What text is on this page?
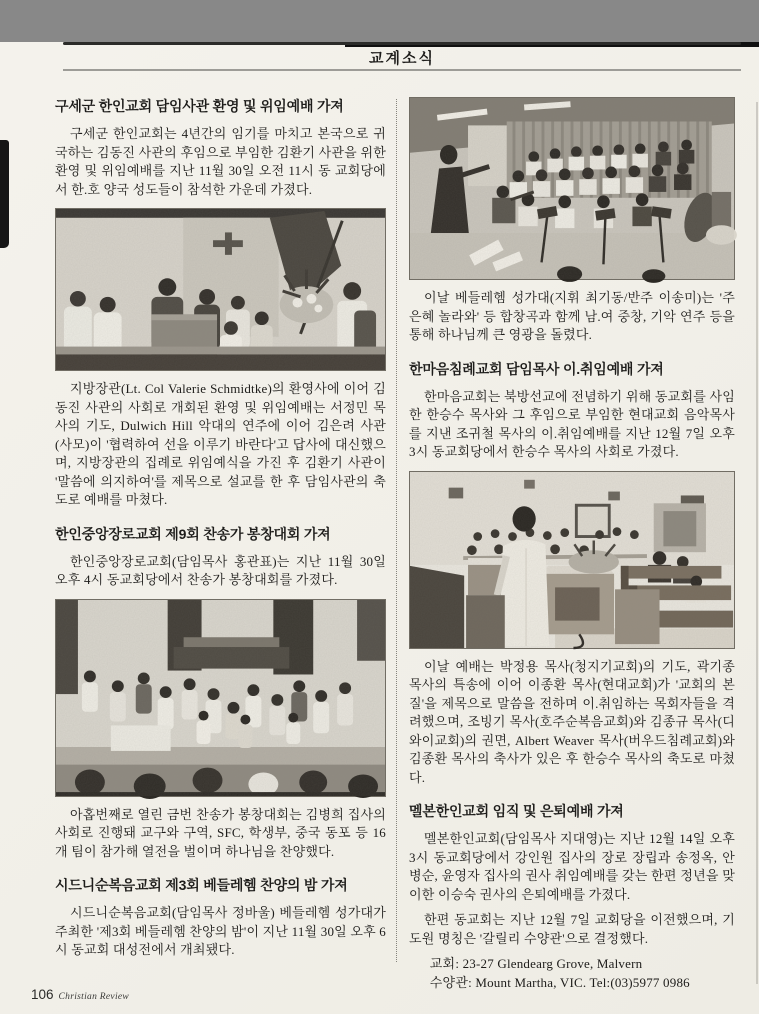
교계소식
구세군 한인교회 담임사관 환영 및 위임예배 가져

구세군 한인교회는 4년간의 임기를 마치고 본국으로 귀국하는 김동진 사관의 후임으로 부임한 김환기 사관을 위한 환영 및 위임예배를 지난 11월 30일 오전 11시 동 교회당에서 한.호 양국 성도들이 참석한 가운데 가졌다.

지방장관(Lt. Col Valerie Schmidtke)의 환영사에 이어 김동진 사관의 사회로 개회된 환영 및 위임예배는 서정민 목사의 기도, Dulwich Hill 악대의 연주에 이어 김은려 사관(사모)이 '협력하여 선을 이루기 바란다'고 답사에 대신했으며, 지방장관의 집례로 위임예식을 가진 후 김환기 사관이 '말씀에 의지하여'를 제목으로 설교를 한 후 담임사관의 축도로 예배를 마쳤다.

한인중앙장로교회 제9회 찬송가 봉창대회 가져

한인중앙장로교회(담임목사 홍관표)는 지난 11월 30일 오후 4시 동교회당에서 찬송가 봉창대회를 가졌다.

아홉번째로 열린 금번 찬송가 봉창대회는 김병희 집사의 사회로 진행돼 교구와 구역, SFC, 학생부, 중국 동포 등 16개 팀이 참가해 열전을 벌이며 하나님을 찬양했다.

시드니순복음교회 제3회 베들레헴 찬양의 밤 가져

시드니순복음교회(담임목사 정바울) 베들레헴 성가대가 주최한 '제3회 베들레헴 찬양의 밤'이 지난 11월 30일 오후 6시 동교회 대성전에서 개최됐다.

이날 베들레헴 성가대(지휘 최기동/반주 이송미)는 '주 은혜 놀라와' 등 합창곡과 함께 남.여 중창, 기악 연주 등을 통해 하나님께 큰 영광을 돌렸다.

한마음침례교회 담임목사 이.취임예배 가져

한마음교회는 북방선교에 전념하기 위해 동교회를 사임한 한승수 목사와 그 후임으로 부임한 현대교회 음악목사를 지낸 조귀철 목사의 이.취임예배를 지난 12월 7일 오후 3시 동교회당에서 한승수 목사의 사회로 가졌다.

이날 예배는 박정용 목사(청지기교회)의 기도, 곽기종 목사의 특송에 이어 이종환 목사(현대교회)가 '교회의 본질'을 제목으로 말씀을 전하며 이.취임하는 목회자들을 격려했으며, 조빙기 목사(호주순복음교회)와 김종규 목사(디와이교회)의 권면, Albert Weaver 목사(버우드침례교회)와 김종환 목사의 축사가 있은 후 한승수 목사의 축도로 마쳤다.

멜본한인교회 임직 및 은퇴예배 가져

멜본한인교회(담임목사 지대영)는 지난 12월 14일 오후 3시 동교회당에서 강인원 집사의 장로 장립과 송정옥, 안병순, 윤영자 집사의 권사 취임예배를 갖는 한편 정년을 맞이한 이승숙 권사의 은퇴예배를 가졌다.

한편 동교회는 지난 12월 7일 교회당을 이전했으며, 기도원 명칭은 '갈릴리 수양관'으로 결정했다.

교회: 23-27 Glendearg Grove, Malvern

수양관: Mount Martha, VIC. Tel:(03)5977 0986

106 Christian Review
